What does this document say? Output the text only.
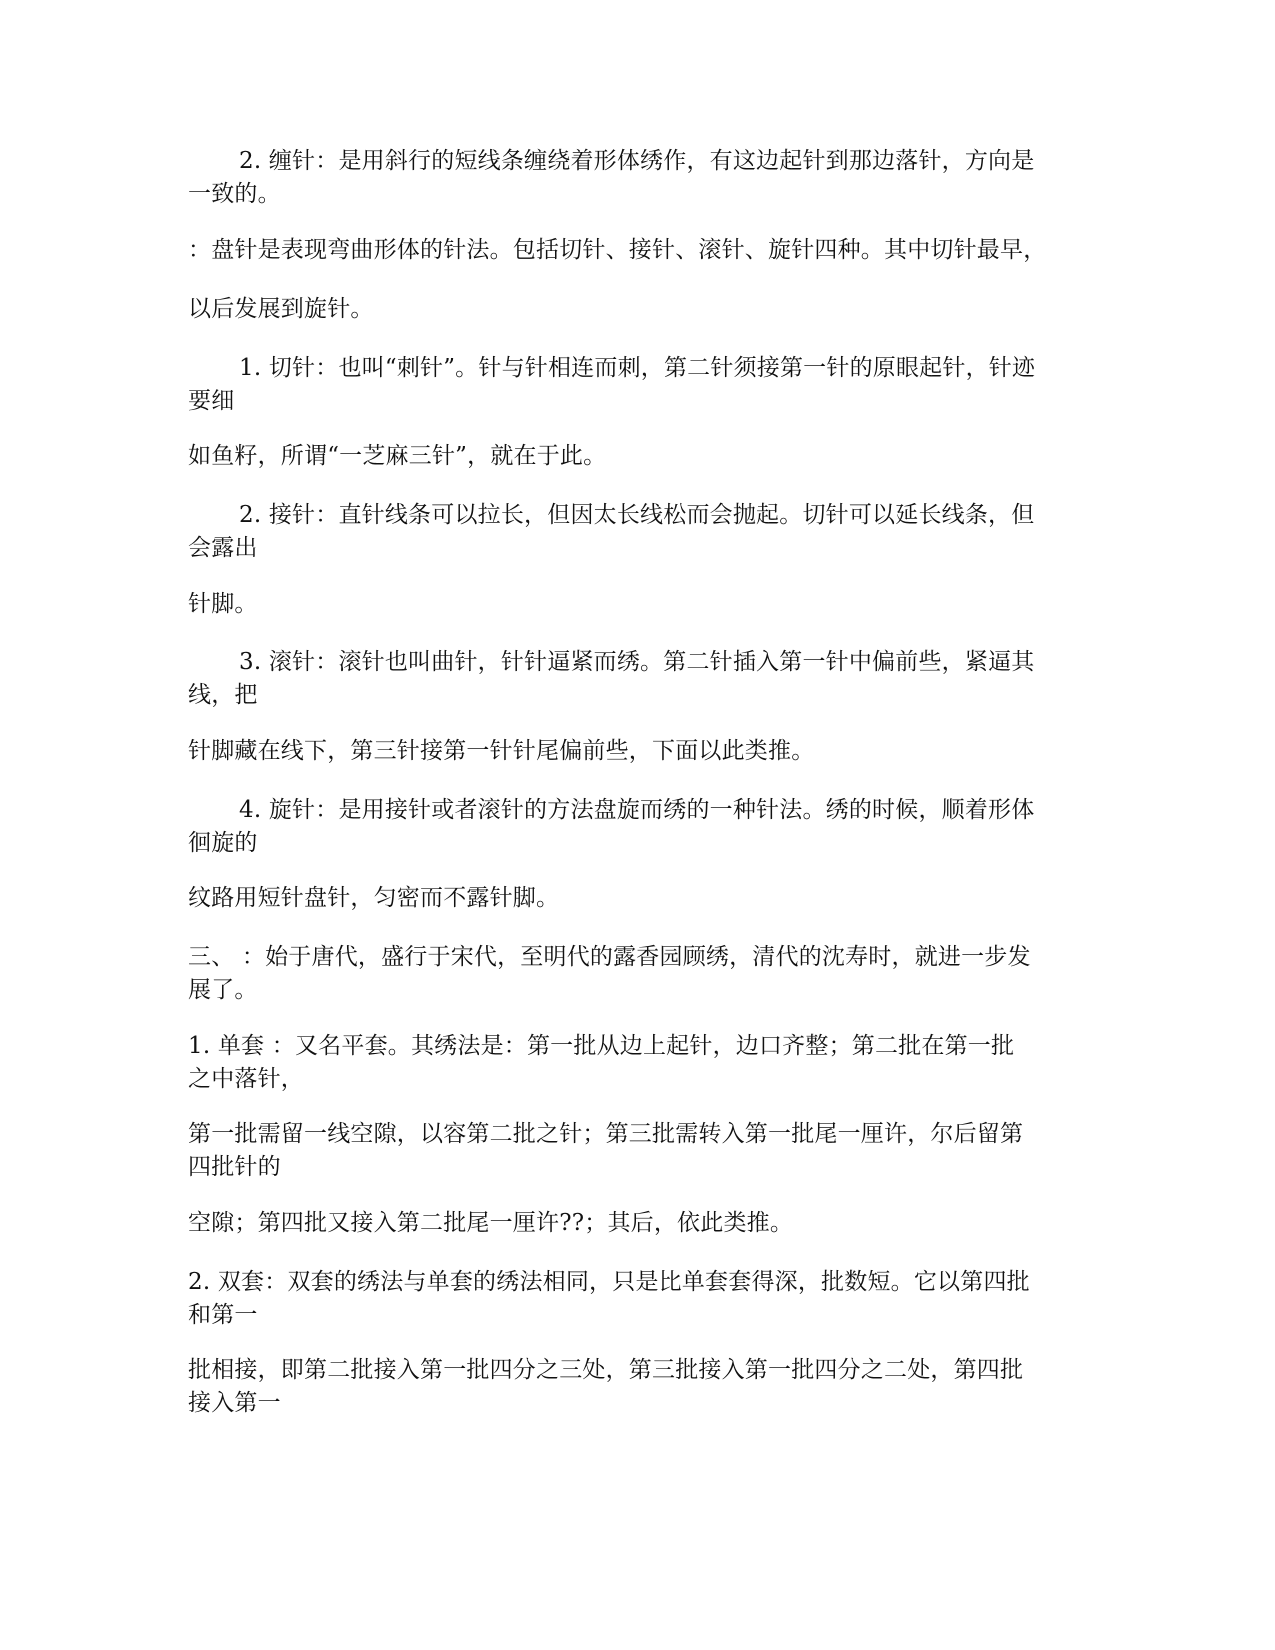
2. 缠针：是用斜行的短线条缠绕着形体绣作，有这边起针到那边落针，方向是
一致的。
：盘针是表现弯曲形体的针法。包括切针、接针、滚针、旋针四种。其中切针最早，
以后发展到旋针。
1. 切针：也叫“刺针”。针与针相连而刺，第二针须接第一针的原眼起针，针迹
要细
如鱼籽，所谓“一芝麻三针”，就在于此。
2. 接针：直针线条可以拉长，但因太长线松而会抛起。切针可以延长线条，但
会露出
针脚。
3. 滚针：滚针也叫曲针，针针逼紧而绣。第二针插入第一针中偏前些，紧逼其
线，把
针脚藏在线下，第三针接第一针针尾偏前些，下面以此类推。
4. 旋针：是用接针或者滚针的方法盘旋而绣的一种针法。绣的时候，顺着形体
徊旋的
纹路用短针盘针，匀密而不露针脚。
三、 ：始于唐代，盛行于宋代，至明代的露香园顾绣，清代的沈寿时，就进一步发
展了。
1. 单套 ：又名平套。其绣法是：第一批从边上起针，边口齐整；第二批在第一批
之中落针，
第一批需留一线空隙，以容第二批之针；第三批需转入第一批尾一厘许，尔后留第
四批针的
空隙；第四批又接入第二批尾一厘许??；其后，依此类推。
2. 双套：双套的绣法与单套的绣法相同，只是比单套套得深，批数短。它以第四批
和第一
批相接，即第二批接入第一批四分之三处，第三批接入第一批四分之二处，第四批
接入第一
